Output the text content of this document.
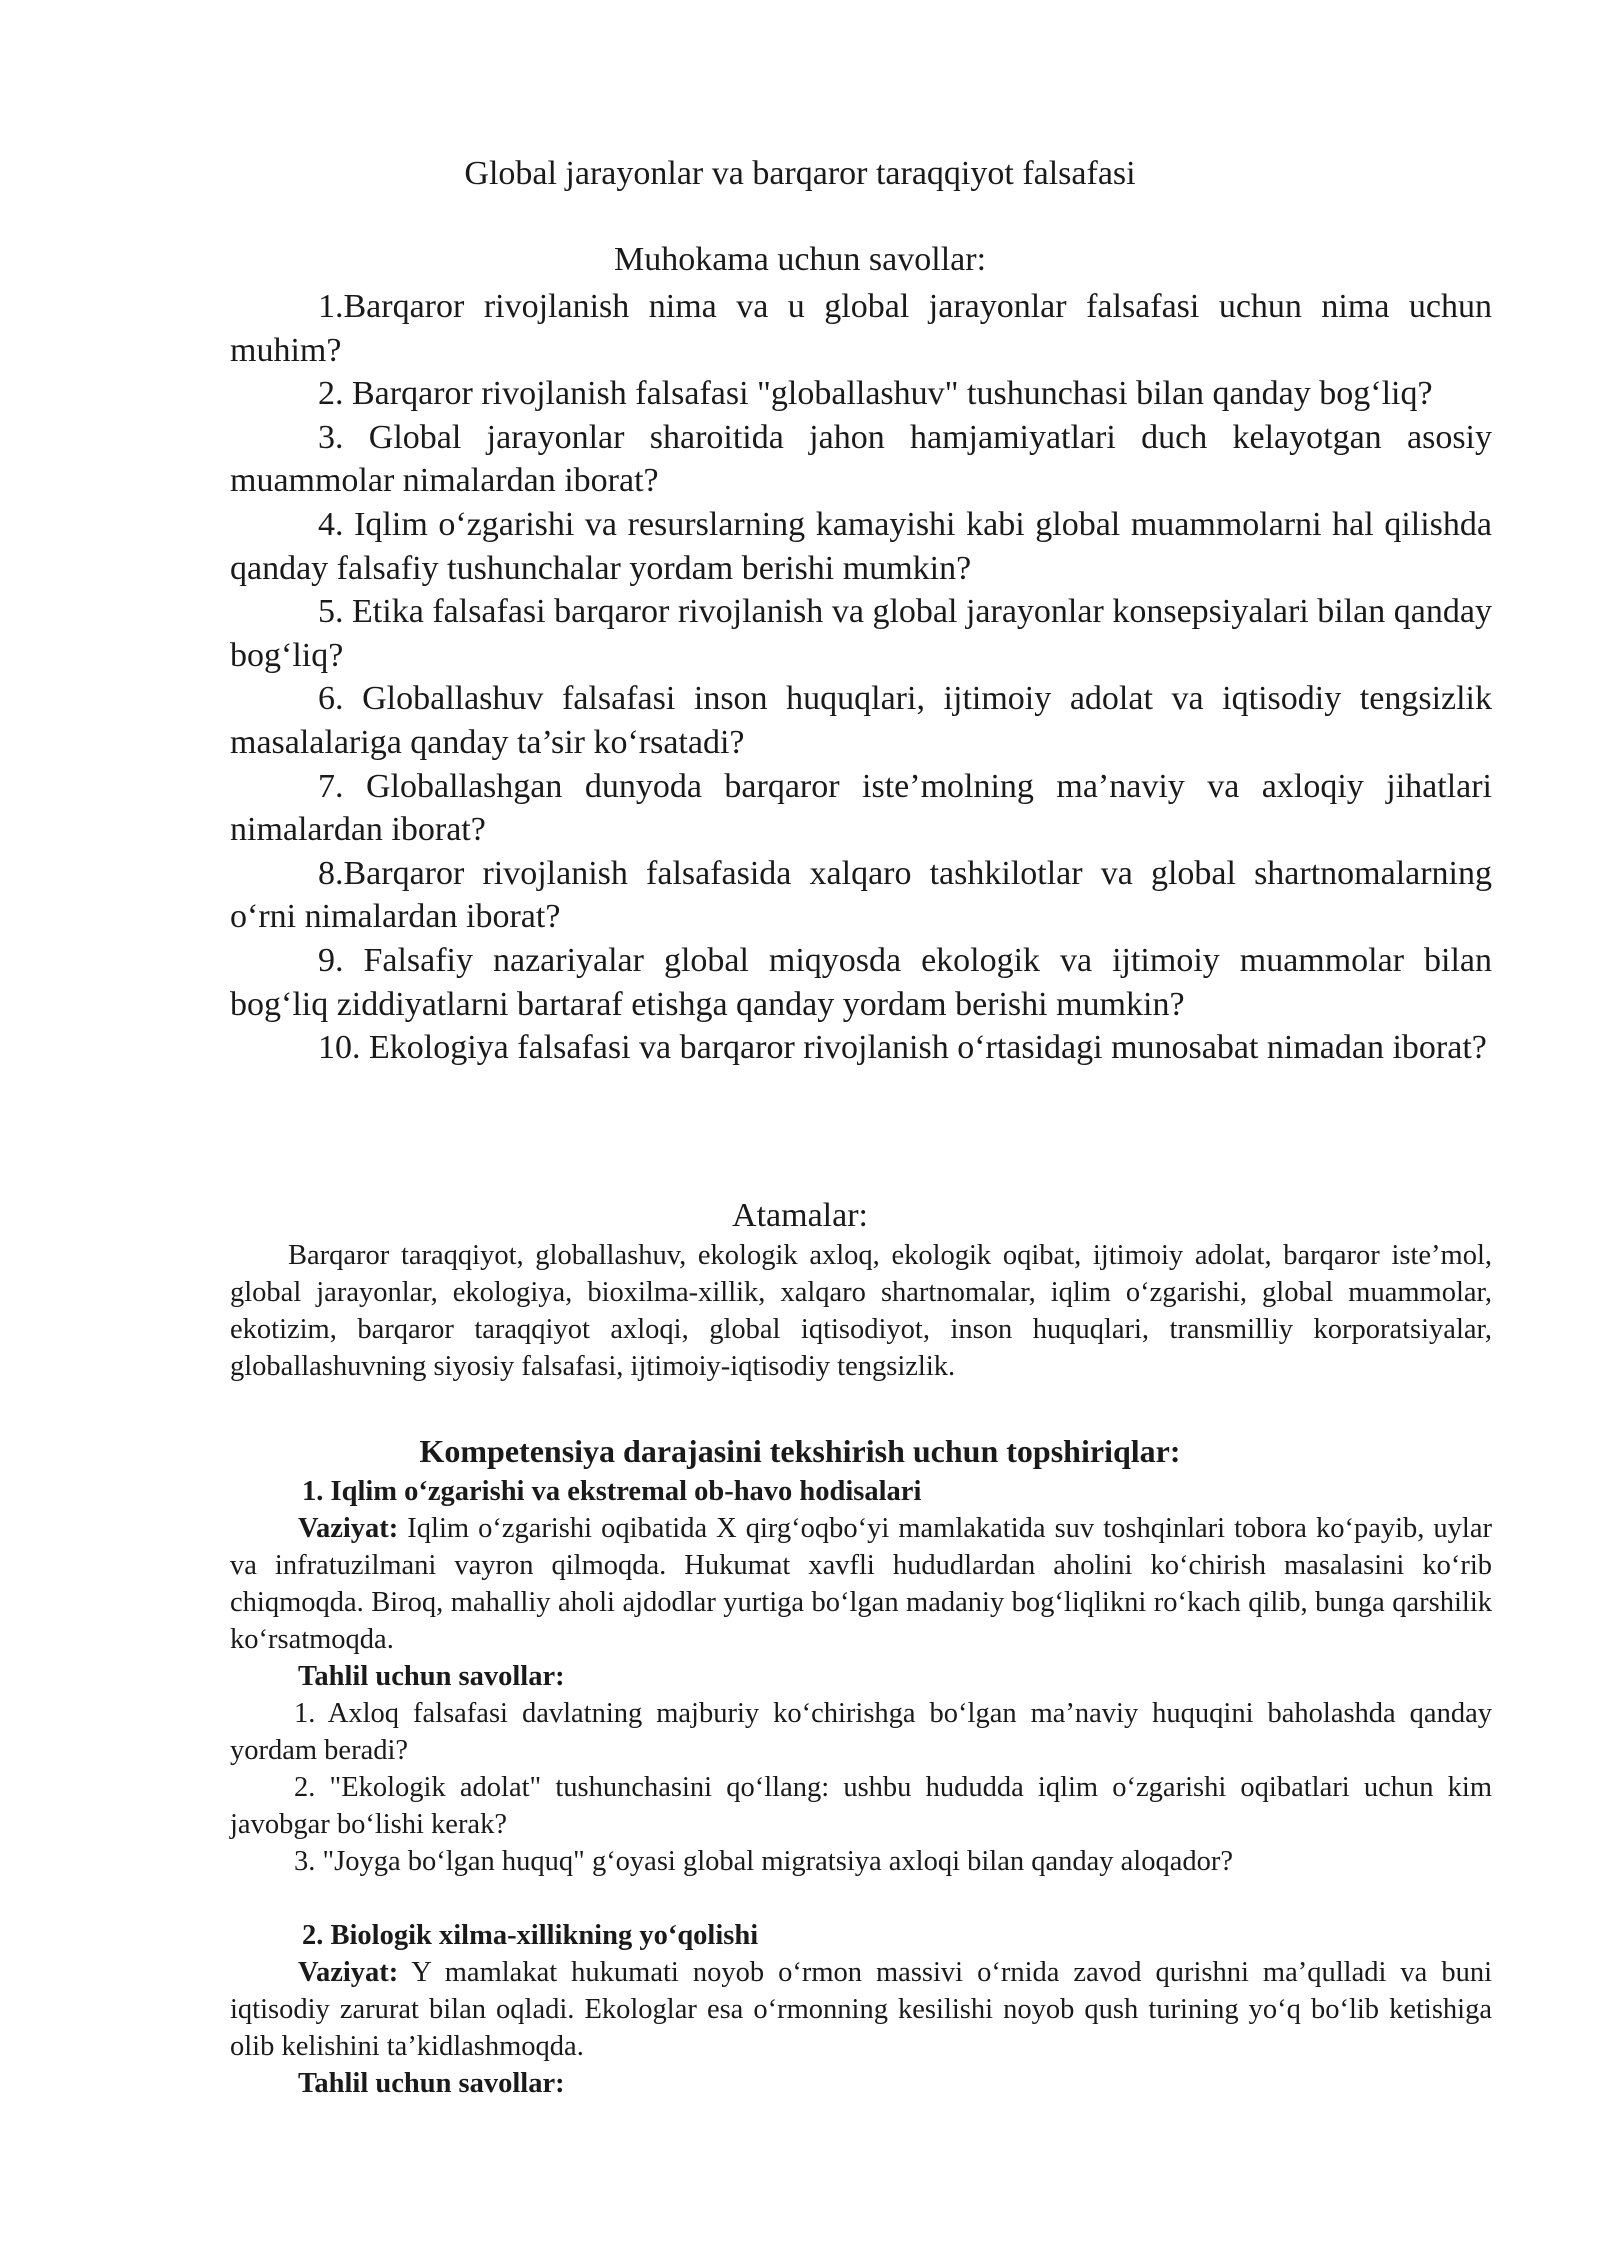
Global jarayonlar va barqaror taraqqiyot falsafasi
Muhokama uchun savollar:

1.Barqaror rivojlanish nima va u global jarayonlar falsafasi uchun nima uchun muhim?

2. Barqaror rivojlanish falsafasi "globallashuv" tushunchasi bilan qanday bog‘liq?

3. Global jarayonlar sharoitida jahon hamjamiyatlari duch kelayotgan asosiy muammolar nimalardan iborat?

4. Iqlim o‘zgarishi va resurslarning kamayishi kabi global muammolarni hal qilishda qanday falsafiy tushunchalar yordam berishi mumkin?

5. Etika falsafasi barqaror rivojlanish va global jarayonlar konsepsiyalari bilan qanday bog‘liq?

6. Globallashuv falsafasi inson huquqlari, ijtimoiy adolat va iqtisodiy tengsizlik masalalariga qanday ta’sir ko‘rsatadi?

7. Globallashgan dunyoda barqaror iste’molning ma’naviy va axloqiy jihatlari nimalardan iborat?

8.Barqaror rivojlanish falsafasida xalqaro tashkilotlar va global shartnomalarning o‘rni nimalardan iborat?

9. Falsafiy nazariyalar global miqyosda ekologik va ijtimoiy muammolar bilan bog‘liq ziddiyatlarni bartaraf etishga qanday yordam berishi mumkin?

10. Ekologiya falsafasi va barqaror rivojlanish o‘rtasidagi munosabat nimadan iborat?

Atamalar:

Barqaror taraqqiyot, globallashuv, ekologik axloq, ekologik oqibat, ijtimoiy adolat, barqaror iste’mol, global jarayonlar, ekologiya, bioxilma-xillik, xalqaro shartnomalar, iqlim o‘zgarishi, global muammolar, ekotizim, barqaror taraqqiyot axloqi, global iqtisodiyot, inson huquqlari, transmilliy korporatsiyalar, globallashuvning siyosiy falsafasi, ijtimoiy-iqtisodiy tengsizlik.

Kompetensiya darajasini tekshirish uchun topshiriqlar:

1. Iqlim o‘zgarishi va ekstremal ob-havo hodisalari

Vaziyat: Iqlim o‘zgarishi oqibatida X qirg‘oqbo‘yi mamlakatida suv toshqinlari tobora ko‘payib, uylar va infratuzilmani vayron qilmoqda. Hukumat xavfli hududlardan aholini ko‘chirish masalasini ko‘rib chiqmoqda. Biroq, mahalliy aholi ajdodlar yurtiga bo‘lgan madaniy bog‘liqlikni ro‘kach qilib, bunga qarshilik ko‘rsatmoqda.

Tahlil uchun savollar:

1. Axloq falsafasi davlatning majburiy ko‘chirishga bo‘lgan ma’naviy huquqini baholashda qanday yordam beradi?

2. "Ekologik adolat" tushunchasini qo‘llang: ushbu hududda iqlim o‘zgarishi oqibatlari uchun kim javobgar bo‘lishi kerak?

3. "Joyga bo‘lgan huquq" g‘oyasi global migratsiya axloqi bilan qanday aloqador?

2. Biologik xilma-xillikning yo‘qolishi

Vaziyat: Y mamlakat hukumati noyob o‘rmon massivi o‘rnida zavod qurishni ma’qulladi va buni iqtisodiy zarurat bilan oqladi. Ekologlar esa o‘rmonning kesilishi noyob qush turining yo‘q bo‘lib ketishiga olib kelishini ta’kidlashmoqda.

Tahlil uchun savollar:
